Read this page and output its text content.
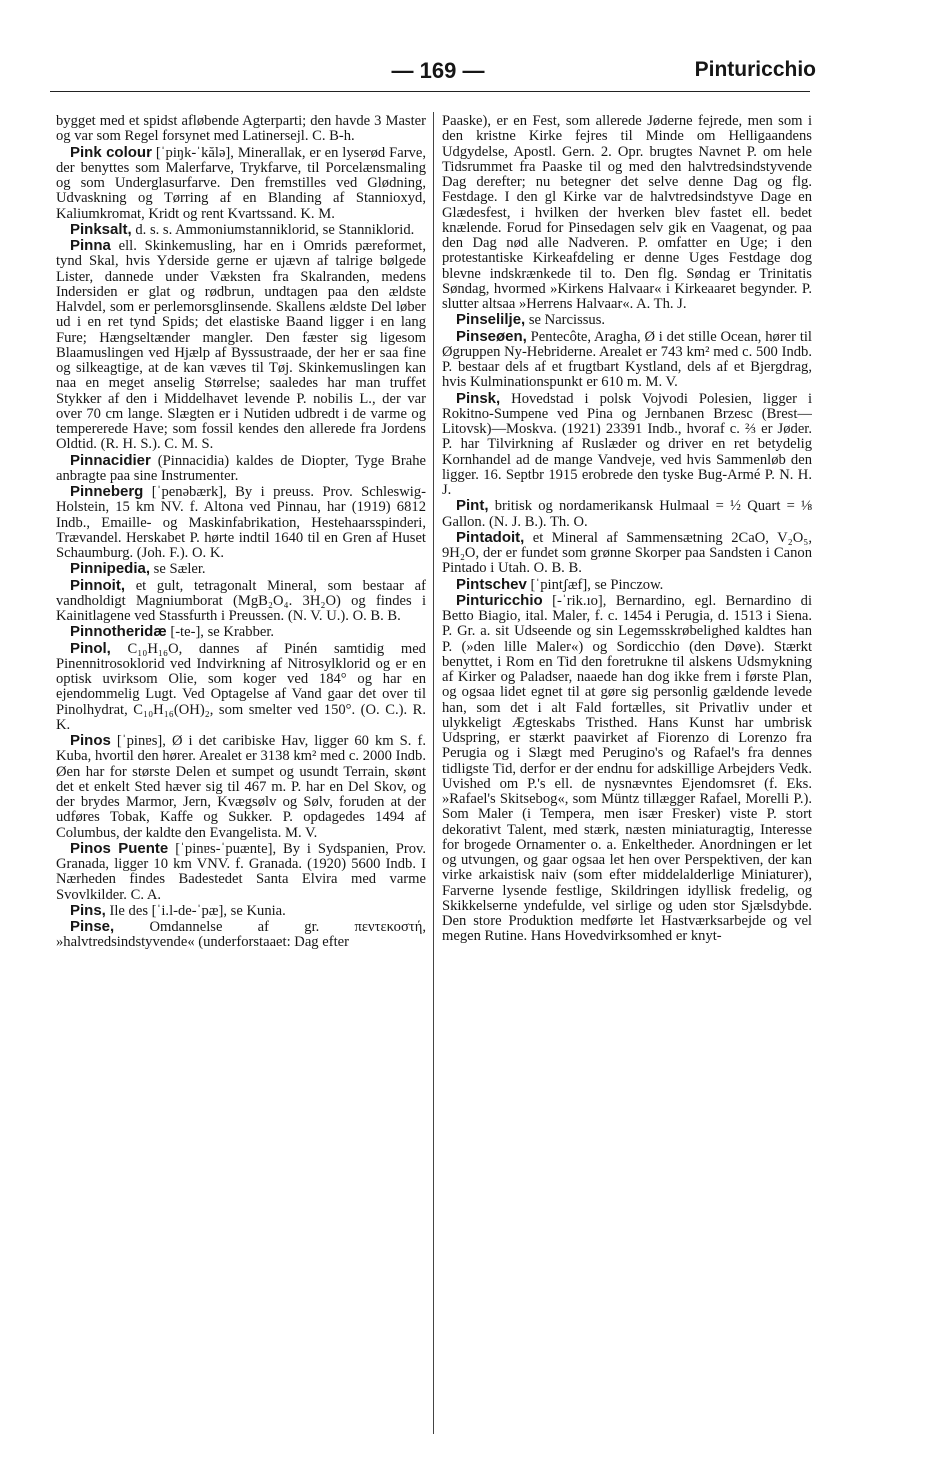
— 169 —	Pinturicchio

bygget med et spidst afløbende Agterparti; den havde 3 Master og var som Regel forsynet med Latinersejl. C. B-h.

Pink colour [ˈpiŋk-ˈkălə], Minerallak, er en lyserød Farve, der benyttes som Malerfarve, Trykfarve, til Porcelænsmaling og som Underglasurfarve. Den fremstilles ved Glødning, Udvaskning og Tørring af en Blanding af Stannioxyd, Kaliumkromat, Kridt og rent Kvartssand. K. M.

Pinksalt, d. s. s. Ammoniumstanniklorid, se Stanniklorid.

Pinna ell. Skinkemusling, har en i Omrids pæreformet, tynd Skal, hvis Yderside gerne er ujævn af talrige bølgede Lister, dannede under Væksten fra Skalranden, medens Indersiden er glat og rødbrun, undtagen paa den ældste Halvdel, som er perlemorsglinsende. Skallens ældste Del løber ud i en ret tynd Spids; det elastiske Baand ligger i en lang Fure; Hængseltænder mangler. Den fæster sig ligesom Blaamuslingen ved Hjælp af Byssustraade, der her er saa fine og silkeagtige, at de kan væves til Tøj. Skinkemuslingen kan naa en meget anselig Størrelse; saaledes har man truffet Stykker af den i Middelhavet levende P. nobilis L., der var over 70 cm lange. Slægten er i Nutiden udbredt i de varme og tempererede Have; som fossil kendes den allerede fra Jordens Oldtid. (R. H. S.). C. M. S.

Pinnacidier (Pinnacidia) kaldes de Diopter, Tyge Brahe anbragte paa sine Instrumenter.

Pinneberg [ˈpenəbærk], By i preuss. Prov. Schleswig-Holstein, 15 km NV. f. Altona ved Pinnau, har (1919) 6812 Indb., Emaille- og Maskinfabrikation, Hestehaarsspinderi, Trævandel. Herskabet P. hørte indtil 1640 til en Gren af Huset Schaumburg. (Joh. F.). O. K.

Pinnipedia, se Sæler.

Pinnoit, et gult, tetragonalt Mineral, som bestaar af vandholdigt Magniumborat (MgB₂O₄. 3H₂O) og findes i Kainitlagene ved Stassfurth i Preussen. (N. V. U.). O. B. B.

Pinnotheridæ [-te-], se Krabber.

Pinol, C₁₀H₁₆O, dannes af Pinén samtidig med Pinennitrosoklorid ved Indvirkning af Nitrosylklorid og er en optisk uvirksom Olie, som koger ved 184° og har en ejendommelig Lugt. Ved Optagelse af Vand gaar det over til Pinolhydrat, C₁₀H₁₆(OH)₂, som smelter ved 150°. (O. C.). R. K.

Pinos [ˈpinɐs], Ø i det caribiske Hav, ligger 60 km S. f. Kuba, hvortil den hører. Arealet er 3138 km² med c. 2000 Indb. Øen har for største Delen et sumpet og usundt Terrain, skønt det et enkelt Sted hæver sig til 467 m. P. har en Del Skov, og der brydes Marmor, Jern, Kvægsølv og Sølv, foruden at der udføres Tobak, Kaffe og Sukker. P. opdagedes 1494 af Columbus, der kaldte den Evangelista. M. V.

Pinos Puente [ˈpinɐs-ˈpuænte], By i Sydspanien, Prov. Granada, ligger 10 km VNV. f. Granada. (1920) 5600 Indb. I Nærheden findes Badestedet Santa Elvira med varme Svovlkilder. C. A.

Pins, Ile des [ˈi.l-de-ˈpæ], se Kunia.

Pinse, Omdannelse af gr. πεντεκοστή, »halvtredsindstyvende« (underforstaaet: Dag efter

Paaske), er en Fest, som allerede Jøderne fejrede, men som i den kristne Kirke fejres til Minde om Helligaandens Udgydelse, Apostl. Gern. 2. Opr. brugtes Navnet P. om hele Tidsrummet fra Paaske til og med den halvtredsindstyvende Dag derefter; nu betegner det selve denne Dag og flg. Festdage. I den gl Kirke var de halvtredsindstyve Dage en Glædesfest, i hvilken der hverken blev fastet ell. bedet knælende. Forud for Pinsedagen selv gik en Vaagenat, og paa den Dag nød alle Nadveren. P. omfatter en Uge; i den protestantiske Kirkeafdeling er denne Uges Festdage dog blevne indskrænkede til to. Den flg. Søndag er Trinitatis Søndag, hvormed »Kirkens Halvaar« i Kirkeaaret begynder. P. slutter altsaa »Herrens Halvaar«. A. Th. J.

Pinselilje, se Narcissus.

Pinseøen, Pentecôte, Aragha, Ø i det stille Ocean, hører til Øgruppen Ny-Hebriderne. Arealet er 743 km² med c. 500 Indb. P. bestaar dels af et frugtbart Kystland, dels af et Bjergdrag, hvis Kulminationspunkt er 610 m. M. V.

Pinsk, Hovedstad i polsk Vojvodi Polesien, ligger i Rokitno-Sumpene ved Pina og Jernbanen Brzesc (Brest—Litovsk)—Moskva. (1921) 23391 Indb., hvoraf c. ⅔ er Jøder. P. har Tilvirkning af Ruslæder og driver en ret betydelig Kornhandel ad de mange Vandveje, ved hvis Sammenløb den ligger. 16. Septbr 1915 erobrede den tyske Bug-Armé P. N. H. J.

Pint, britisk og nordamerikansk Hulmaal = ½ Quart = ⅛ Gallon. (N. J. B.). Th. O.

Pintadoit, et Mineral af Sammensætning 2CaO, V₂O₅, 9H₂O, der er fundet som grønne Skorper paa Sandsten i Canon Pintado i Utah. O. B. B.

Pintschev [ˈpintʃæf], se Pinczow.

Pinturicchio [-ˈrik.ıo], Bernardino, egl. Bernardino di Betto Biagio, ital. Maler, f. c. 1454 i Perugia, d. 1513 i Siena. P. Gr. a. sit Udseende og sin Legemsskrøbelighed kaldtes han P. (»den lille Maler«) og Sordicchio (den Døve). Stærkt benyttet, i Rom en Tid den foretrukne til alskens Udsmykning af Kirker og Paladser, naaede han dog ikke frem i første Plan, og ogsaa lidet egnet til at gøre sig personlig gældende levede han, som det i alt Fald fortælles, sit Privatliv under et ulykkeligt Ægteskabs Tristhed. Hans Kunst har umbrisk Udspring, er stærkt paavirket af Fiorenzo di Lorenzo fra Perugia og i Slægt med Perugino's og Rafael's fra dennes tidligste Tid, derfor er der endnu for adskillige Arbejders Vedk. Uvished om P.'s ell. de nysnævntes Ejendomsret (f. Eks. »Rafael's Skitsebog«, som Müntz tillægger Rafael, Morelli P.). Som Maler (i Tempera, men især Fresker) viste P. stort dekorativt Talent, med stærk, næsten miniaturagtig, Interesse for brogede Ornamenter o. a. Enkeltheder. Anordningen er let og utvungen, og gaar ogsaa let hen over Perspektiven, der kan virke arkaistisk naiv (som efter middelalderlige Miniaturer), Farverne lysende festlige, Skildringen idyllisk fredelig, og Skikkelserne yndefulde, vel sirlige og uden stor Sjælsdybde. Den store Produktion medførte let Hastværksarbejde og vel megen Rutine. Hans Hovedvirksomhed er knyt-
